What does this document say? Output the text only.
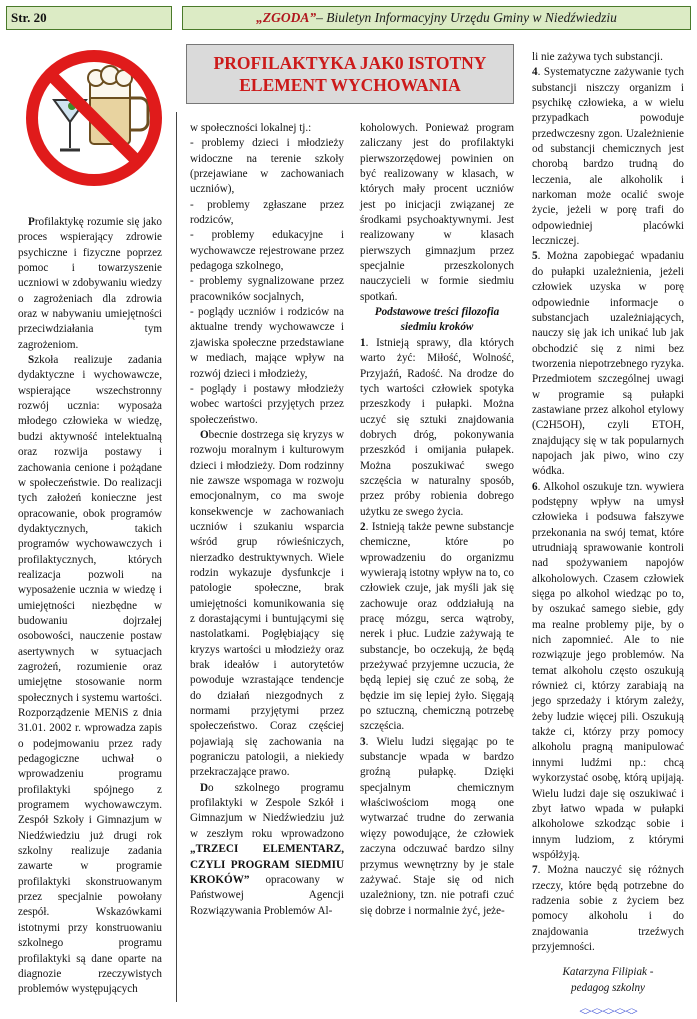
Str. 20	„ZGODA” – Biuletyn Informacyjny Urzędu Gminy w Niedźwiedziu
PROFILAKTYKA JAK0 ISTOTNY
ELEMENT WYCHOWANIA

Profilaktykę rozumie się jako proces wspierający zdrowie psychiczne i fizyczne poprzez pomoc i towarzyszenie uczniowi w zdobywaniu wiedzy o zagrożeniach dla zdrowia oraz w nabywaniu umiejętności przeciwdziałania tym zagrożeniom.

Szkoła realizuje zadania dydaktyczne i wychowawcze, wspierające wszechstronny rozwój ucznia: wyposaża młodego człowieka w wiedzę, budzi aktywność intelektualną oraz rozwija postawy i zachowania cenione i pożądane w społeczeństwie. Do realizacji tych założeń konieczne jest opracowanie, obok programów dydaktycznych, takich programów wychowawczych i profilaktycznych, których realizacja pozwoli na wyposażenie ucznia w wiedzę i umiejętności niezbędne w budowaniu dojrzałej osobowości, nauczenie postaw asertywnych w sytuacjach zagrożeń, rozumienie oraz umiejętne stosowanie norm społecznych i systemu wartości. Rozporządzenie MENiS z dnia 31.01. 2002 r. wprowadza zapis o podejmowaniu przez rady pedagogiczne uchwał o wprowadzeniu programu profilaktyki spójnego z programem wychowawczym. Zespół Szkoły i Gimnazjum w Niedźwiedziu już drugi rok szkolny realizuje zadania zawarte w programie profilaktyki skonstruowanym przez specjalnie powołany zespół. Wskazówkami istotnymi przy konstruowaniu szkolnego programu profilaktyki są dane oparte na diagnozie rzeczywistych problemów występujących

w społeczności lokalnej tj.:

- problemy dzieci i młodzieży widoczne na terenie szkoły (przejawiane w zachowaniach uczniów),

- problemy zgłaszane przez rodziców,

- problemy edukacyjne i wychowawcze rejestrowane przez pedagoga szkolnego,

- problemy sygnalizowane przez pracowników socjalnych,

- poglądy uczniów i rodziców na aktualne trendy wychowawcze i zjawiska społeczne przedstawiane w mediach, mające wpływ na rozwój dzieci i młodzieży,

- poglądy i postawy młodzieży wobec wartości przyjętych przez społeczeństwo.

Obecnie dostrzega się kryzys w rozwoju moralnym i kulturowym dzieci i młodzieży. Dom rodzinny nie zawsze wspomaga w rozwoju emocjonalnym, co ma swoje konsekwencje w zachowaniach uczniów i szukaniu wsparcia wśród grup rówieśniczych, nierzadko destruktywnych. Wiele rodzin wykazuje dysfunkcje i patologie społeczne, brak umiejętności komunikowania się z dorastającymi i buntującymi się nastolatkami. Pogłębiający się kryzys wartości u młodzieży oraz brak ideałów i autorytetów powoduje wzrastające tendencje do działań niezgodnych z normami przyjętymi przez społeczeństwo. Coraz częściej pojawiają się zachowania na pograniczu patologii, a niekiedy przekraczające prawo.

Do szkolnego programu profilaktyki w Zespole Szkół i Gimnazjum w Niedźwiedziu już w zeszłym roku wprowadzono „TRZECI ELEMENTARZ, CZYLI PROGRAM SIEDMIU KROKÓW” opracowany w Państwowej Agencji Rozwiązywania Problemów Al-

koholowych. Ponieważ program zaliczany jest do profilaktyki pierwszorzędowej powinien on być realizowany w klasach, w których mały procent uczniów jest po inicjacji związanej ze środkami psychoaktywnymi. Jest realizowany w klasach pierwszych gimnazjum przez specjalnie przeszkolonych nauczycieli w formie siedmiu spotkań.

Podstawowe treści filozofia siedmiu kroków

1. Istnieją sprawy, dla których warto żyć: Miłość, Wolność, Przyjaźń, Radość. Na drodze do tych wartości człowiek spotyka przeszkody i pułapki. Można uczyć się sztuki znajdowania dobrych dróg, pokonywania przeszkód i omijania pułapek. Można poszukiwać swego szczęścia w naturalny sposób, przez próby robienia dobrego użytku ze swego życia.

2. Istnieją także pewne substancje chemiczne, które po wprowadzeniu do organizmu wywierają istotny wpływ na to, co człowiek czuje, jak myśli jak się zachowuje oraz oddziałują na pracę mózgu, serca wątroby, nerek i płuc. Ludzie zażywają te substancje, bo oczekują, że będą przeżywać przyjemne uczucia, że będą lepiej się czuć ze sobą, że będzie im się lepiej żyło. Sięgają po sztuczną, chemiczną potrzebę szczęścia.

3. Wielu ludzi sięgając po te substancje wpada w bardzo groźną pułapkę. Dzięki specjalnym chemicznym właściwościom mogą one wytwarzać trudne do zerwania więzy powodujące, że człowiek zaczyna odczuwać bardzo silny przymus wewnętrzny by je stale zażywać. Staje się od nich uzależniony, tzn. nie potrafi czuć się dobrze i normalnie żyć, jeże-

li nie zażywa tych substancji.

4. Systematyczne zażywanie tych substancji niszczy organizm i psychikę człowieka, a w wielu przypadkach powoduje przedwczesny zgon. Uzależnienie od substancji chemicznych jest chorobą bardzo trudną do leczenia, ale alkoholik i narkoman może ocalić swoje życie, jeżeli w porę trafi do odpowiedniej placówki leczniczej.

5. Można zapobiegać wpadaniu do pułapki uzależnienia, jeżeli człowiek uzyska w porę odpowiednie informacje o substancjach uzależniających, nauczy się jak ich unikać lub jak obchodzić się z nimi bez tworzenia niepotrzebnego ryzyka. Przedmiotem szczególnej uwagi w programie są pułapki zastawiane przez alkohol etylowy (C2H5OH), czyli ETOH, znajdujący się w tak popularnych napojach jak piwo, wino czy wódka.

6. Alkohol oszukuje tzn. wywiera podstępny wpływ na umysł człowieka i podsuwa fałszywe przekonania na swój temat, które utrudniają sprawowanie kontroli nad spożywaniem napojów alkoholowych. Czasem człowiek sięga po alkohol wiedząc po to, by oszukać samego siebie, gdy ma realne problemy pije, by o nich zapomnieć. Ale to nie rozwiązuje jego problemów. Na temat alkoholu często oszukują również ci, którzy zarabiają na jego sprzedaży i którym zależy, żeby ludzie więcej pili. Oszukują także ci, którzy przy pomocy alkoholu pragną manipulować innymi ludźmi np.: chcą wykorzystać osobę, którą upijają. Wielu ludzi daje się oszukiwać i zbyt łatwo wpada w pułapki alkoholowe szkodząc sobie i innym ludziom, z którymi współżyją.

7. Można nauczyć się różnych rzeczy, które będą potrzebne do radzenia sobie z życiem bez pomocy alkoholu i do znajdowania trzeźwych przyjemności.

Katarzyna Filipiak -
pedagog szkolny
<><><><><>
